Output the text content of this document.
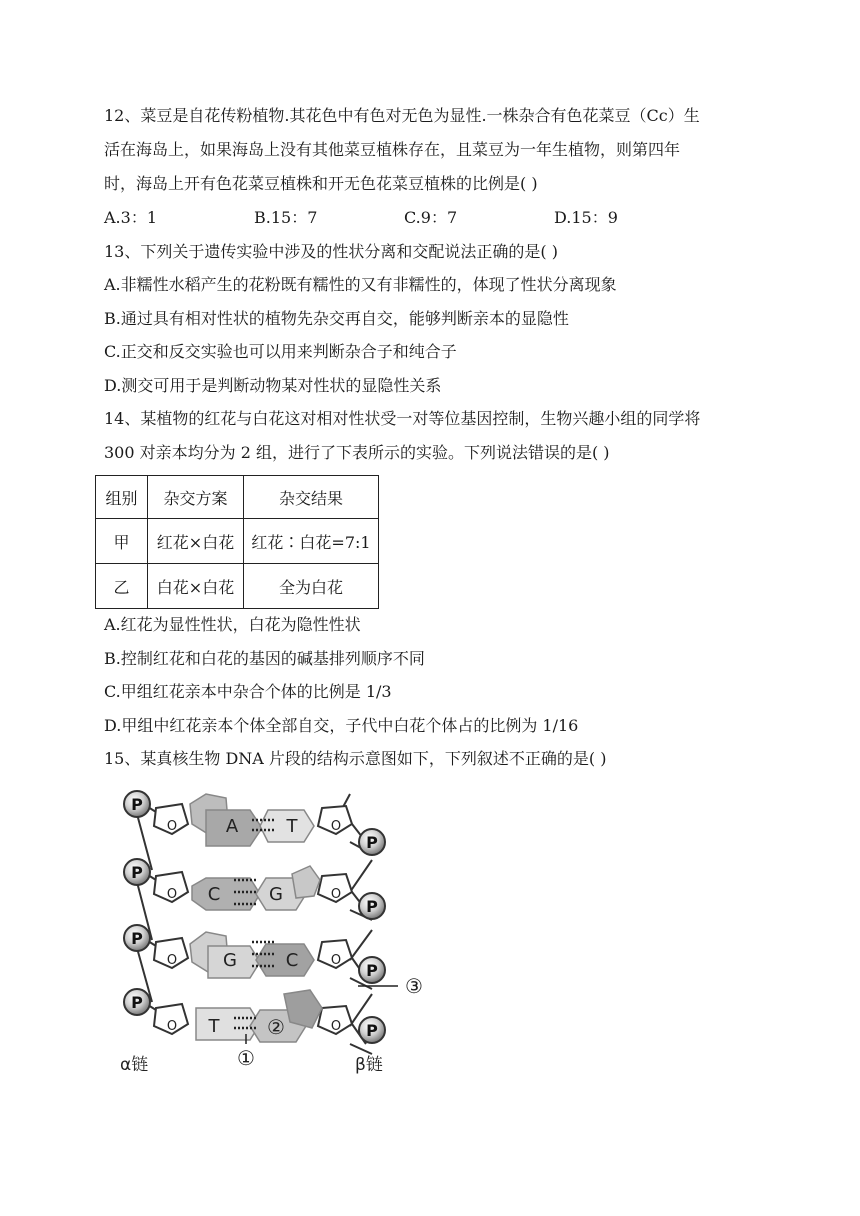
12、菜豆是自花传粉植物.其花色中有色对无色为显性.一株杂合有色花菜豆（Cc）生
活在海岛上，如果海岛上没有其他菜豆植株存在，且菜豆为一年生植物，则第四年
时，海岛上开有色花菜豆植株和开无色花菜豆植株的比例是( )
A.3：1	B.15：7	C.9：7	D.15：9
13、下列关于遗传实验中涉及的性状分离和交配说法正确的是( )
A.非糯性水稻产生的花粉既有糯性的又有非糯性的，体现了性状分离现象
B.通过具有相对性状的植物先杂交再自交，能够判断亲本的显隐性
C.正交和反交实验也可以用来判断杂合子和纯合子
D.测交可用于是判断动物某对性状的显隐性关系
14、某植物的红花与白花这对相对性状受一对等位基因控制，生物兴趣小组的同学将
300 对亲本均分为 2 组，进行了下表所示的实验。下列说法错误的是( )
组别	杂交方案	杂交结果
甲	红花×白花	红花∶白花=7:1
乙	白花×白花	全为白花
A.红花为显性性状，白花为隐性性状
B.控制红花和白花的基因的碱基排列顺序不同
C.甲组红花亲本中杂合个体的比例是 1/3
D.甲组中红花亲本个体全部自交，子代中白花个体占的比例为 1/16
15、某真核生物 DNA 片段的结构示意图如下，下列叙述不正确的是( )
A
C
G
T
T
G
C
②
O
O
O
O
O
O
O
O
P
P
P
P
P
P
P
P
①
③
α链	β链
